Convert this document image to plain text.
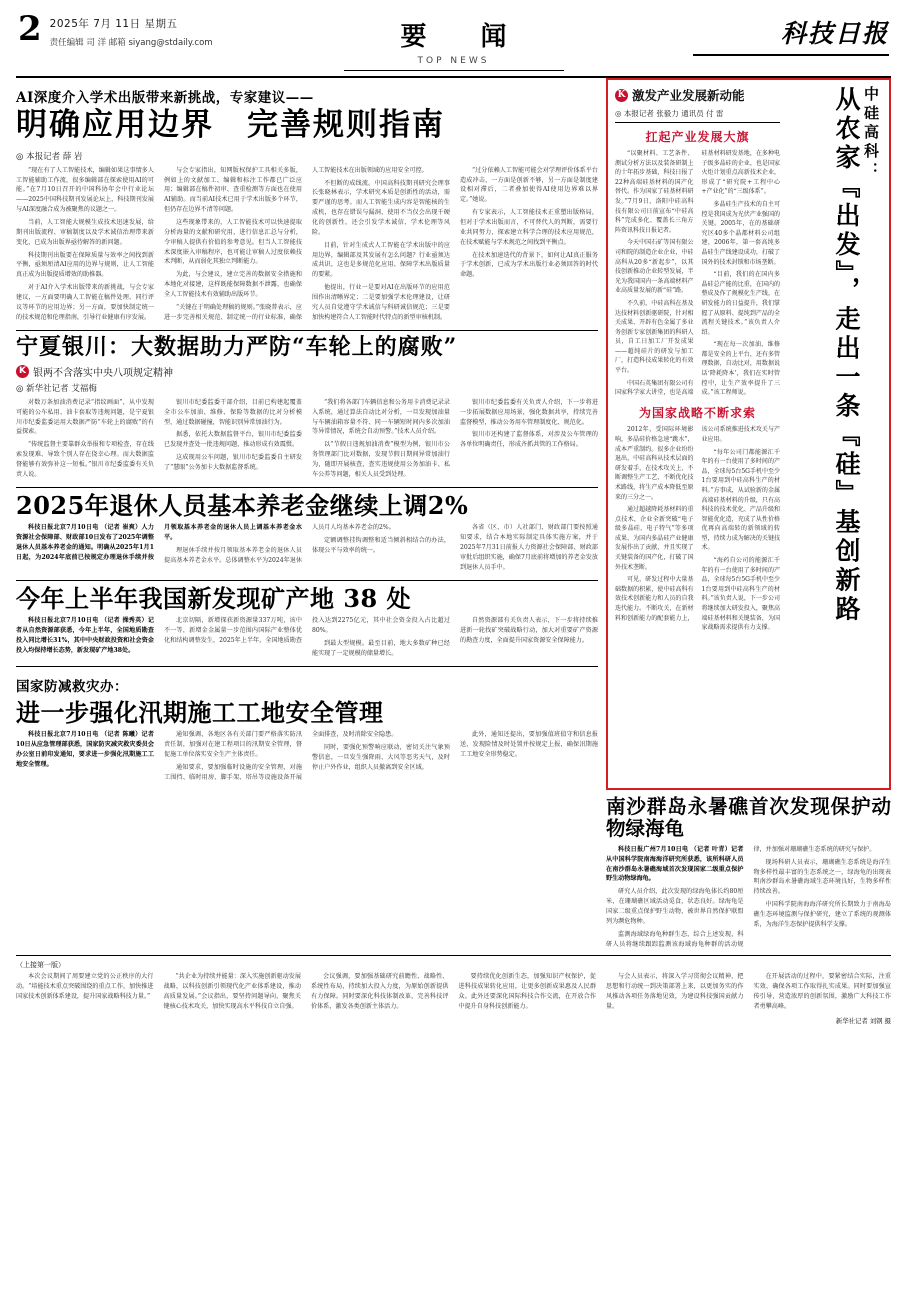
2 2025年 7月 11日 星期五
责任编辑 司 洋 邮箱 siyang@stdaily.com	要　闻
TOP NEWS
科技日报
AI深度介入学术出版带来新挑战，专家建议——
明确应用边界　完善规则指南
◎ 本报记者 薛 岩

“现在有了人工智能技术，编辑如果这事情多人工智能辅助工作流，很多编辑部在探索使用AI的可能。”在7月10日召开的中国科协年会中行业论坛——2025中国科技期刊发展论坛上，科技期刊发展与AI深度融合成为被聚焦的议题之一。

当前，人工智能大规模生成技术迅速发展，给期刊出版流程、审稿制度以及学术诚信治理带来新变化，已成为出版界亟待解答的新问题。

科技期刊出版要在保障质量与效率之间找到新平衡，亟须厘清AI应用的边界与规则，让人工智能真正成为出版提质增效的助推器。

对于AI介入学术出版带来的新挑战，与会专家建议，一方面要明确人工智能在稿件处理、同行评议等环节的应用边界；另一方面，要加快制定统一的技术规范和伦理指南，引导行业健康有序发展。

与会专家指出，知网版权保护工具相关多版，例如上的文献加工、编辑和标注工作都已广泛应用；编辑部在稿件初审、查重检测等方面也在使用AI辅助。而当前AI技术已用于学术出版多个环节，但仍存在边界不清等问题。

这些现象带来的，人工智能技术可以快速提取分析海量的文献和研究用，进行信息汇总与分析，令审稿人提供有价值的参考意见。但当人工智能技术深度嵌入审稿程序，也可能让审稿人过度依赖技术判断，从而弱化其独立判断能力。

为此，与会建议，建立完善的数据安全措施和本地化对接建，这样既能保障数据不泄露，也确保全人工智能技术有效辅助出版环节。

“关键在于明确处理稿的规则。”张晓普表示，应进一步完善相关规范、制定统一的行业标准，确保人工智能技术在出版领域的应用安全可控。

不但断的成线流。中国高科技期刊研究会理事长张晓林表示，学术研究本质是创新性的活动，需要严谨的思考。而人工智能生成内容是智能核的生成机，也存在错误与漏洞，使用不当仅会出现千硬化的创新性，还会引发学术诚信、学术伦理等风险。

目前，针对生成式人工智能在学术出版中的应用边界，编辑部及其发展有怎么问题？行业亟须达成共识，这也是多规范化应用、保障学术出版质量的要紧。

他提出，行业一是要对AI在出版环节的应用范围作出清晰界定；二是要加强学术伦理建设，让研究人员自觉遵守学术诚信与科研诚信规范；三是要加快构建符合人工智能时代特点的新型审核机制。

“过分依赖人工智能可能会对学理评价体系平台造成冲击，一方面是创新不够，另一方面是制度建设相对滞后，二者叠加使得AI使用边界难以界定。”她说。

有专家表示，人工智能技术正重塑出版格局，但对于学术出版而言，不可替代人的判断，需要行业共同努力，探索建立科学合理的技术应用规范，在技术赋能与学术规范之间找到平衡点。

在技术加速迭代的背景下，如何让AI真正服务于学术创新，已成为学术出版行业必须回答的时代命题。

宁夏银川：大数据助力严防“车轮上的腐败”
K 银两不含落实中央八项规定精神
◎ 新华社记者 艾福梅

对数万条加油消费记录“指纹画面”，从中发现可能的公车私用、油卡套取等违规问题，是宁夏银川市纪委监委运用大数据严防“车轮上的腐败”的有益探索。

“传统监督主要靠群众举报和专项检查，存在线索发现难、导致个别人存在侥幸心理。而大数据监督能够有效弥补这一短板。”银川市纪委监委有关负责人说。

银川市纪委监委干部介绍，目前已构建起覆盖全市公车加油、维修、保险等数据的比对分析模型，通过数据碰撞，智能识别异常加油行为。

据悉，依托大数据监督平台，银川市纪委监委已发现并查处一批违规问题，推动形成有效震慑。

这成现用公车问题，银川市纪委监委自主研发了“慧眼”公务加卡大数据监督系统。

“我们将各部门车辆信息和公务用卡消费记录录入系统，通过算法自动比对分析，一旦发现加油量与车辆油箱容量不符、同一车辆短时间内多次加油等异常情况，系统会自动预警。”技术人员介绍。

以“节假日违规加油消费”模型为例，银川市公务管理部门比对数据，发现节假日期间异常加油行为，随即开展核查，查实违规使用公务加油卡、私车公养等问题，相关人员受到处理。

银川市纪委监委有关负责人介绍，下一步将进一步拓展数据应用场景，强化数据共享，持续完善监督模型，推动公务用车管理制度化、规范化。

银川市还构建了监督体系，对涉及公车管理的各单位明确责任，形成齐抓共管的工作格局。

2025年退休人员基本养老金继续上调2%

科技日报北京7月10日电 （记者 崔爽）人力资源社会保障部、财政部10日发布了2025年调整退休人员基本养老金的通知。明确从2025年1月1日起，为2024年底前已按规定办理退休手续并按月领取基本养老金的退休人员上调基本养老金水平。

理退休手续并按月领取基本养老金的退休人员提高基本养老金水平。总体调整水平为2024年退休人员月人均基本养老金的2%。

定额调整挂钩调整和适当倾斜相结合的办法，体现公平与效率的统一。

各省（区、市）人社部门、财政部门要按照通知要求，结合本地实际制定具体实施方案，并于2025年7月31日前报人力资源社会保障部、财政部审批后组织实施，确保7月底前将增加的养老金发放到退休人员手中。

今年上半年我国新发现矿产地 38 处

科技日报北京7月10日电 （记者 操秀英）记者从自然资源部获悉，今年上半年，全国地质勘查投入同比增长31%，其中中央财政投资和社会资金投入均保持增长态势，新发现矿产地38处。

北京切隔，新增探获新资源量337万吨，该中不一等，新增金金属量一步范围内国际产业整体优化和结构调整发生，2025年上半年，全国地质勘查投入达到2275亿元，其中社会资金投入占比超过80%。

到最大型规模。最至目前，地大多数矿种已经能实现了一定规模的储量增长。

自然资源部有关负责人表示，下一步将持续推进新一轮找矿突破战略行动，加大对重要矿产资源的勘查力度，全面提升国家资源安全保障能力。

国家防减救灾办：
进一步强化汛期施工工地安全管理

科技日报北京7月10日电 （记者 陈曦）记者10日从应急管理部获悉，国家防灾减灾救灾委员会办公室日前印发通知，要求进一步强化汛期施工工地安全管理。

通知强调，各地区各有关部门要严格落实防汛责任制，加强对在建工程项目的汛期安全管理，督促施工单位落实安全生产主体责任。

通知要求，要加强临时设施的安全管理，对施工围挡、临时用房、脚手架、塔吊等设施设备开展全面排查，及时消除安全隐患。

同时，要强化预警响应联动，密切关注气象预警信息，一旦发生强降雨、大风等恶劣天气，及时停止户外作业，组织人员撤离到安全区域。

此外，通知还提出，要加强值班值守和信息报送，发现险情及时处置并按规定上报，确保汛期施工工地安全形势稳定。

K 激发产业发展新动能
◎ 本报记者 张毅力 通讯员 付 雷
扛起产业发展大旗

“以聚材料、工艺条件、测试分析方法以及装备研制上的十年拓步基础，科技日报了22种高端硅基材料的国产化替代。作为国家了硅基材料研发。”7月9日，洛阳中硅高科技有限公司日前宣布“中硅高科”完成多化、覆盖长三角方阵资讯科技日报记者。

今天中国石矿等国有限公司和院的制造企业企业，中硅高科从20多“新起步”，以其技创新推动企业转型发展，半光为我国国内一条高端材料产业高质量发展的新“硅”路。

不久前，中硅高科在基及达技材料创新驱研院，针对相关成果、开辟有色金属了多业务创新专家创新集团的科研人员，自工日加工厂开发成果——超纯硅片的研发与加工厂，打造科技成果转化的有效平台。

中国石英集团有限公司有国家科学家大讲堂，也是高端硅基材料研发基地，在多种电子级多晶硅的企业，也是国家火炬计划重点高新技术企业，形成了“研究院+工程中心+产业化”的“三级体系”。

多晶硅生产技术的自主可控是我国成为光伏产业强国的关键。2005年，在的基础研究区40多个晶都材料公司组建，2006年，第一套高纯多晶硅生产线建设成功，打破了国外的技术封锁和市场垄断。

“目前，我们的在国内多晶硅总产能的比重，在国内的整成及作了规模化生产线，在研发能力的日益提升，我们掌握了从原料、提纯到产品的全流程关键技术。”该负责人介绍。

“现在每一次加油、维修都是安全的上平台，还有多管理数据，自动比对，用数据说话‘降耗降本’，我们在实时管控中，让生产效率提升了三成。”该工程师说。

为国家战略不断求索

2012年，受国际环境影响，多晶硅价格急速“跳水”，成本严重制约。很多企业纷纷退出，中硅高科从技术层面的研发着手，在技术攻关上、不断调整生产工艺，不断优化技术路线，将生产成本降低至原来的三分之一。

通过超越降耗基材料的重点技术，企业全新突破“电子级多晶硅、电子特气”等多项成果，为国内多晶硅产业健康发展作出了贡献，并且实现了关键装备的国产化，打破了国外技术垄断。

可见，研发过程中大量基础数据的积累，使中硅高科有效技术创新能力和人员的自我迭代能力。不断攻关，在新材料和创新能力的配套能力上，该公司系统推进技术攻关与产业应用。

“每年公司门都能源汇千年的有一台使用了多时间的产品，全球每5台5G手机中至少1台要用到中硅高科生产的材料。”方事成，从试验新的金属高端硅基材料的升级，只有高科技的技术优化、产品升级和智能优化造，充成了从性价格优再向高端转的新领域的转型，持续力成为解决的关键技术。

“海药自公司的能源汇千年的有一台使用了多时间的产品，全球每5台5G手机中至少1台要用到中硅高科生产的材料。”该负责人说，下一步公司将继续加大研发投入，聚焦高端硅基材料和关键装备，为国家战略需求提供有力支撑。

中硅高科：
从农家『出发』，走出一条『硅』基创新路
南沙群岛永暑礁首次发现保护动物绿海龟

科技日报广州7月10日电 （记者 叶青）记者从中国科学院南海海洋研究所获悉，该所科研人员在南沙群岛永暑礁海域首次发现国家二级重点保护野生动物绿海龟。

研究人员介绍，此次发现的绿海龟体长约80厘米，在珊瑚礁区域活动觅食，状态良好。绿海龟是国家二级重点保护野生动物，被世界自然保护联盟列为濒危物种。

监测海域绿海龟种群生态，综合上述发现，科研人员将继续跟踪监测该海域海龟种群的活动规律，并加强对珊瑚礁生态系统的研究与保护。

现场科研人员表示，珊瑚礁生态系统是海洋生物多样性最丰富的生态系统之一，绿海龟的出现表明南沙群岛永暑礁海域生态环境良好，生物多样性持续改善。

中国科学院南海海洋研究所长期致力于南海岛礁生态环境监测与保护研究，建立了系统的观测体系，为海洋生态保护提供科学支撑。

（上接第一版）

本次会议期间了周要建立党的公正秩序的大行动。“培能技术重点突破围绕的重点工作，加快推进国家技术创新体系建设，提升国家战略科技力量。”

“共企业为持续并能量：深入实施创新驱动发展战略，以科技创新引领现代化产业体系建设，推动高质量发展。”会议指出，要坚持问题导向，聚焦关键核心技术攻关，加快实现高水平科技自立自强。

会议强调，要加强基础研究前瞻性、战略性、系统性布局，持续加大投入力度，为原始创新提供有力保障。同时要深化科技体制改革，完善科技评价体系，激发各类创新主体活力。

要持续优化创新生态，加强知识产权保护，促进科技成果转化应用，让更多创新成果惠及人民群众。此外还要深化国际科技合作交流，在开放合作中提升自身科技创新能力。

与会人员表示，将深入学习贯彻会议精神，把思想和行动统一到决策部署上来，以更加务实的作风推动各项任务落地见效，为建设科技强国贡献力量。

在开展活动的过程中，要紧密结合实际，注重实效，确保各项工作取得扎实成果。同时要加强宣传引导，营造浓厚的创新氛围，激励广大科技工作者勇攀高峰。

新华社记者 刘钢 摄
